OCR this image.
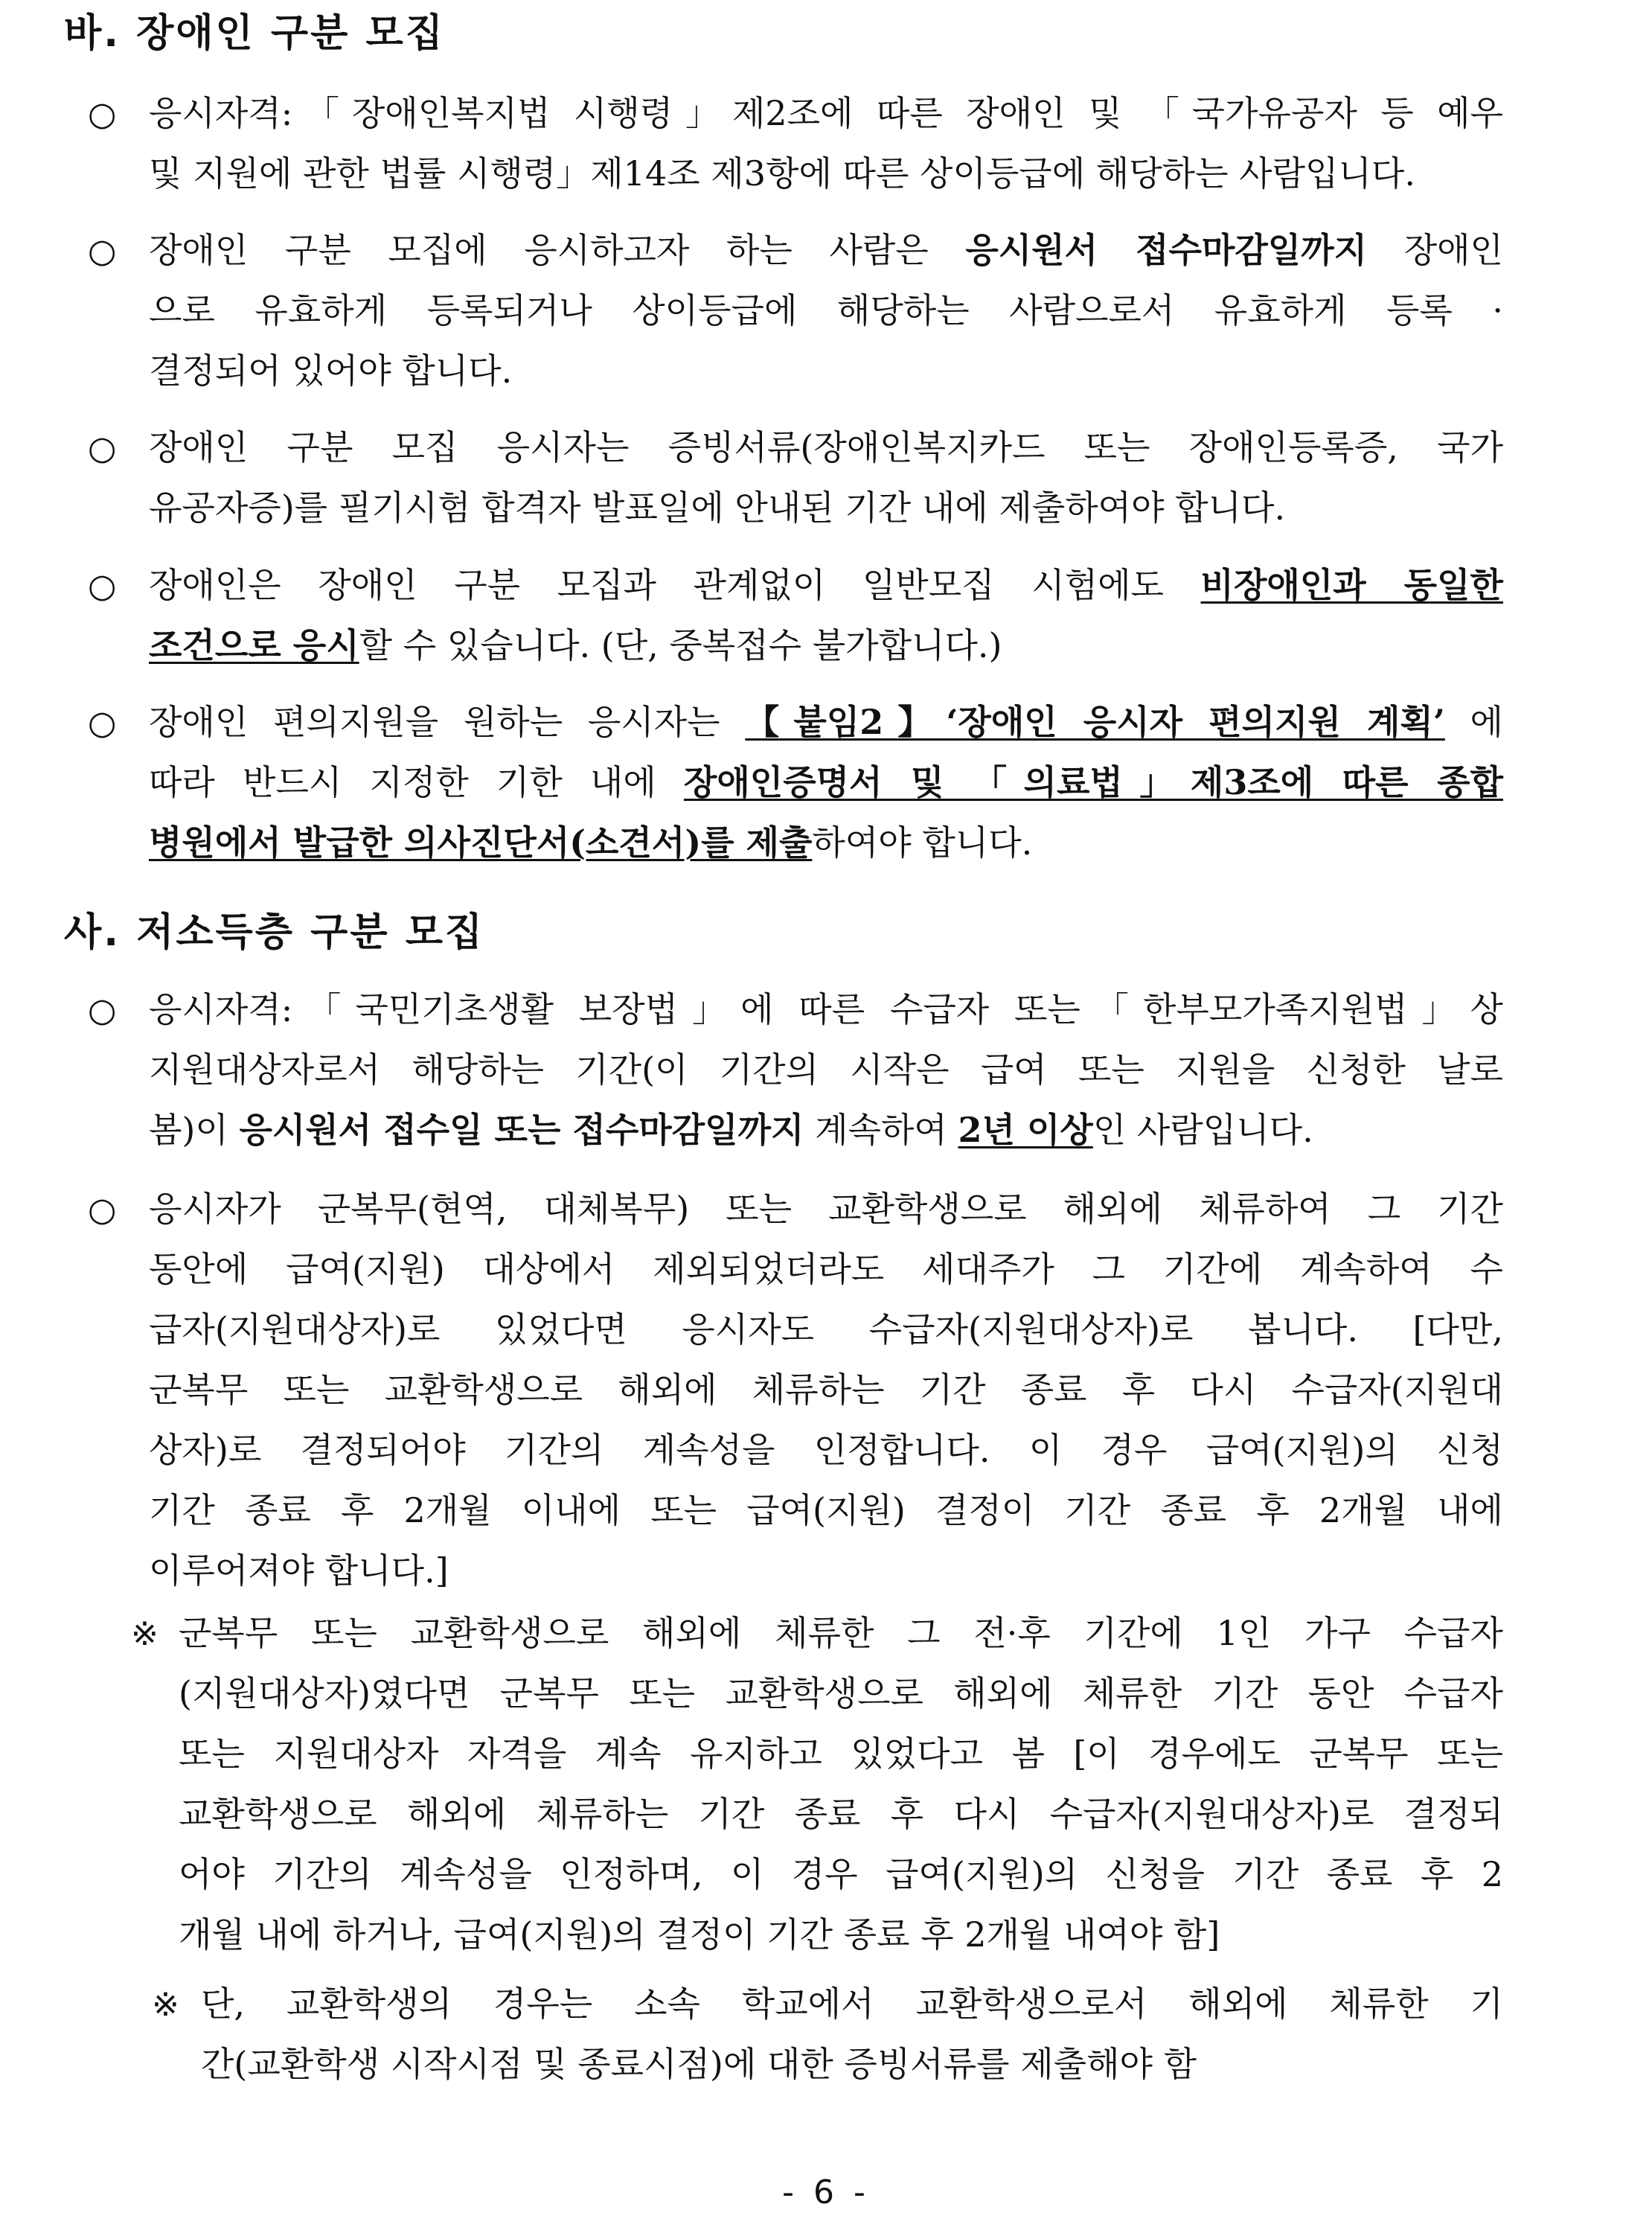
바. 장애인 구분 모집
○ 응시자격:「장애인복지법 시행령」제2조에 따른 장애인 및 「국가유공자 등 예우
및 지원에 관한 법률 시행령」제14조 제3항에 따른 상이등급에 해당하는 사람입니다.
○ 장애인 구분 모집에 응시하고자 하는 사람은 응시원서 접수마감일까지 장애인
으로 유효하게 등록되거나 상이등급에 해당하는 사람으로서 유효하게 등록 ·
결정되어 있어야 합니다.
○ 장애인 구분 모집 응시자는 증빙서류(장애인복지카드 또는 장애인등록증, 국가
유공자증)를 필기시험 합격자 발표일에 안내된 기간 내에 제출하여야 합니다.
○ 장애인은 장애인 구분 모집과 관계없이 일반모집 시험에도 비장애인과 동일한
조건으로 응시할 수 있습니다. (단, 중복접수 불가합니다.)
○ 장애인 편의지원을 원하는 응시자는 【붙임2】‘장애인 응시자 편의지원 계획’ 에
따라 반드시 지정한 기한 내에 장애인증명서 및 「의료법」제3조에 따른 종합
병원에서 발급한 의사진단서(소견서)를 제출하여야 합니다.
사. 저소득층 구분 모집
○ 응시자격:「국민기초생활 보장법」에 따른 수급자 또는「한부모가족지원법」상
지원대상자로서 해당하는 기간(이 기간의 시작은 급여 또는 지원을 신청한 날로
봄)이 응시원서 접수일 또는 접수마감일까지 계속하여 2년 이상인 사람입니다.
○ 응시자가 군복무(현역, 대체복무) 또는 교환학생으로 해외에 체류하여 그 기간
동안에 급여(지원) 대상에서 제외되었더라도 세대주가 그 기간에 계속하여 수
급자(지원대상자)로 있었다면 응시자도 수급자(지원대상자)로 봅니다. [다만,
군복무 또는 교환학생으로 해외에 체류하는 기간 종료 후 다시 수급자(지원대
상자)로 결정되어야 기간의 계속성을 인정합니다. 이 경우 급여(지원)의 신청
기간 종료 후 2개월 이내에 또는 급여(지원) 결정이 기간 종료 후 2개월 내에
이루어져야 합니다.]
※ 군복무 또는 교환학생으로 해외에 체류한 그 전·후 기간에 1인 가구 수급자
(지원대상자)였다면 군복무 또는 교환학생으로 해외에 체류한 기간 동안 수급자
또는 지원대상자 자격을 계속 유지하고 있었다고 봄 [이 경우에도 군복무 또는
교환학생으로 해외에 체류하는 기간 종료 후 다시 수급자(지원대상자)로 결정되
어야 기간의 계속성을 인정하며, 이 경우 급여(지원)의 신청을 기간 종료 후 2
개월 내에 하거나, 급여(지원)의 결정이 기간 종료 후 2개월 내여야 함]
※ 단, 교환학생의 경우는 소속 학교에서 교환학생으로서 해외에 체류한 기
간(교환학생 시작시점 및 종료시점)에 대한 증빙서류를 제출해야 함
- 6 -
